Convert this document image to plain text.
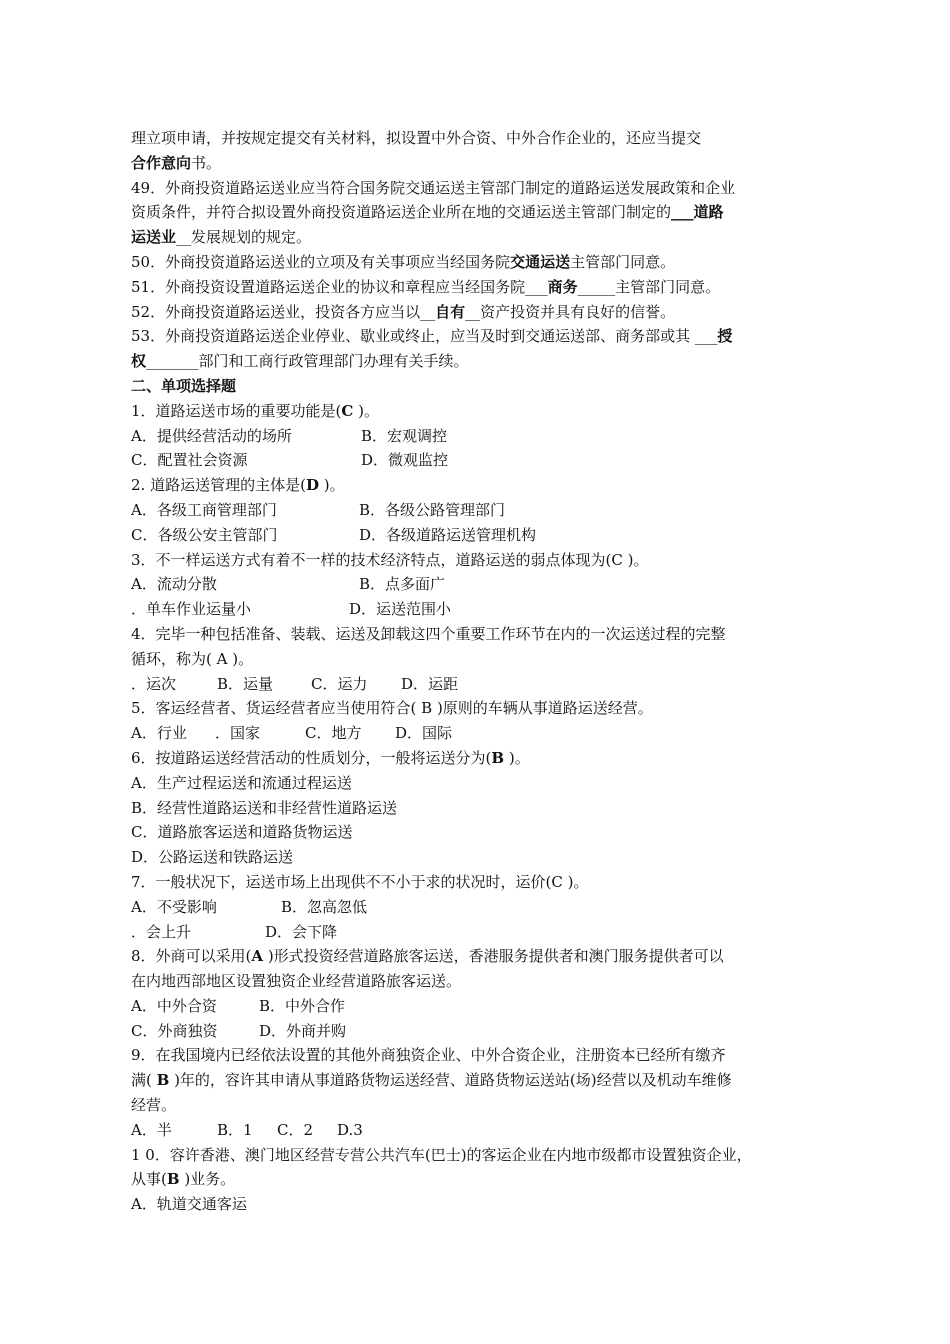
理立项申请，并按规定提交有关材料，拟设置中外合资、中外合作企业的，还应当提交
合作意向书。
49．外商投资道路运送业应当符合国务院交通运送主管部门制定的道路运送发展政策和企业
资质条件，并符合拟设置外商投资道路运送企业所在地的交通运送主管部门制定的___道路
运送业__发展规划的规定。
50．外商投资道路运送业的立项及有关事项应当经国务院交通运送主管部门同意。
51．外商投资设置道路运送企业的协议和章程应当经国务院___商务_____主管部门同意。
52．外商投资道路运送业，投资各方应当以__自有__资产投资并具有良好的信誉。
53．外商投资道路运送企业停业、歇业或终止，应当及时到交通运送部、商务部或其 ___授
权_______部门和工商行政管理部门办理有关手续。
二、单项选择题
1．道路运送市场的重要功能是(C )。
A．提供经营活动的场所	B．宏观调控
C．配置社会资源	D．微观监控
2. 道路运送管理的主体是(D )。
A．各级工商管理部门	B．各级公路管理部门
C．各级公安主管部门	D．各级道路运送管理机构
3．不一样运送方式有着不一样的技术经济特点，道路运送的弱点体现为(C )。
A．流动分散	B．点多面广
．单车作业运量小	D．运送范围小
4．完毕一种包括准备、装载、运送及卸载这四个重要工作环节在内的一次运送过程的完整
循环，称为( A )。
．运次	B．运量	C．运力 D．运距
5．客运经营者、货运经营者应当使用符合( B )原则的车辆从事道路运送经营。
A．行业 ．国家	C．地方 D．国际
6．按道路运送经营活动的性质划分，一般将运送分为(B )。
A．生产过程运送和流通过程运送
B．经营性道路运送和非经营性道路运送
C．道路旅客运送和道路货物运送
D．公路运送和铁路运送
7．一般状况下，运送市场上出现供不不小于求的状况时，运价(C )。
A．不受影响	B．忽高忽低
．会上升	D．会下降
8．外商可以采用(A )形式投资经营道路旅客运送，香港服务提供者和澳门服务提供者可以
在内地西部地区设置独资企业经营道路旅客运送。
A．中外合资	B．中外合作
C．外商独资	D．外商并购
9．在我国境内已经依法设置的其他外商独资企业、中外合资企业，注册资本已经所有缴齐
满( B )年的，容许其申请从事道路货物运送经营、道路货物运送站(场)经营以及机动车维修
经营。
A．半	B．1 C．2 D.3
1 0．容许香港、澳门地区经营专营公共汽车(巴士)的客运企业在内地市级都市设置独资企业，
从事(B )业务。
A．轨道交通客运
